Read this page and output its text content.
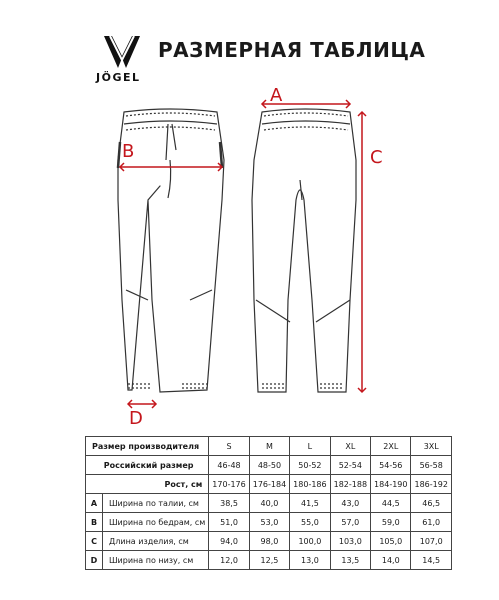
JÖGEL
РАЗМЕРНАЯ ТАБЛИЦА
B
D
A
C
Размер производителя		S	M	L	XL	2XL	3XL
Российский размер		46-48	48-50	50-52	52-54	54-56	56-58
Рост, см		170-176	176-184	180-186	182-188	184-190	186-192
A	Ширина по талии, см	38,5	40,0	41,5	43,0	44,5	46,5
B	Ширина по бедрам, см	51,0	53,0	55,0	57,0	59,0	61,0
C	Длина изделия, см	94,0	98,0	100,0	103,0	105,0	107,0
D	Ширина по низу, см	12,0	12,5	13,0	13,5	14,0	14,5
